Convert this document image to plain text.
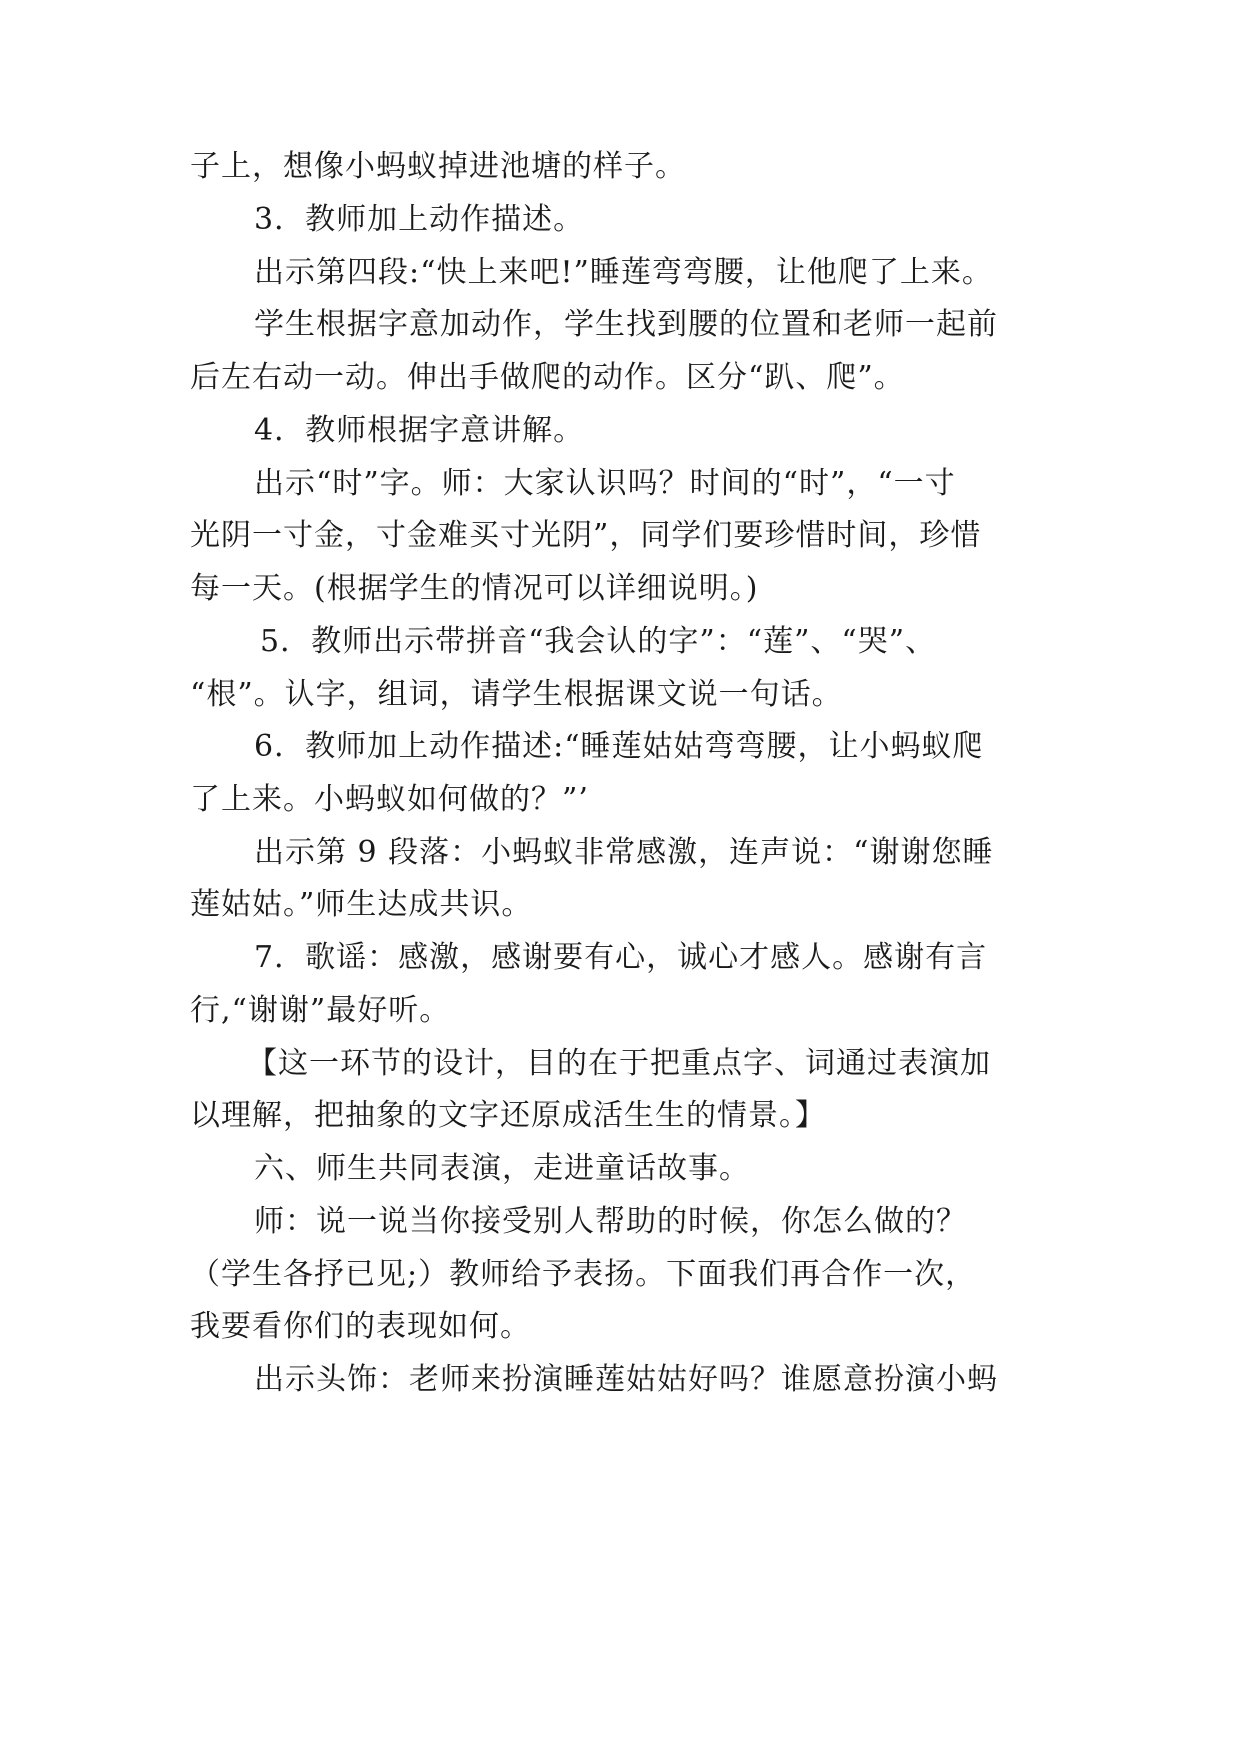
子上，想像小蚂蚁掉进池塘的样子。
3．教师加上动作描述。
出示第四段:“快上来吧!”睡莲弯弯腰，让他爬了上来。
学生根据字意加动作，学生找到腰的位置和老师一起前
后左右动一动。伸出手做爬的动作。区分“趴、爬”。
4．教师根据字意讲解。
出示“时”字。师：大家认识吗？时间的“时”，“一寸
光阴一寸金，寸金难买寸光阴”，同学们要珍惜时间，珍惜
每一天。(根据学生的情况可以详细说明。)
5．教师出示带拼音“我会认的字”：“莲”、“哭”、
“根”。认字，组词，请学生根据课文说一句话。
6．教师加上动作描述:“睡莲姑姑弯弯腰，让小蚂蚁爬
了上来。小蚂蚁如何做的？”’
出示第 9 段落：小蚂蚁非常感激，连声说：“谢谢您睡
莲姑姑。”师生达成共识。
7．歌谣：感激，感谢要有心，诚心才感人。感谢有言
行,“谢谢”最好听。
【这一环节的设计，目的在于把重点字、词通过表演加
以理解，把抽象的文字还原成活生生的情景。】
六、师生共同表演，走进童话故事。
师：说一说当你接受别人帮助的时候，你怎么做的？
（学生各抒已见;）教师给予表扬。下面我们再合作一次，
我要看你们的表现如何。
出示头饰：老师来扮演睡莲姑姑好吗？谁愿意扮演小蚂
